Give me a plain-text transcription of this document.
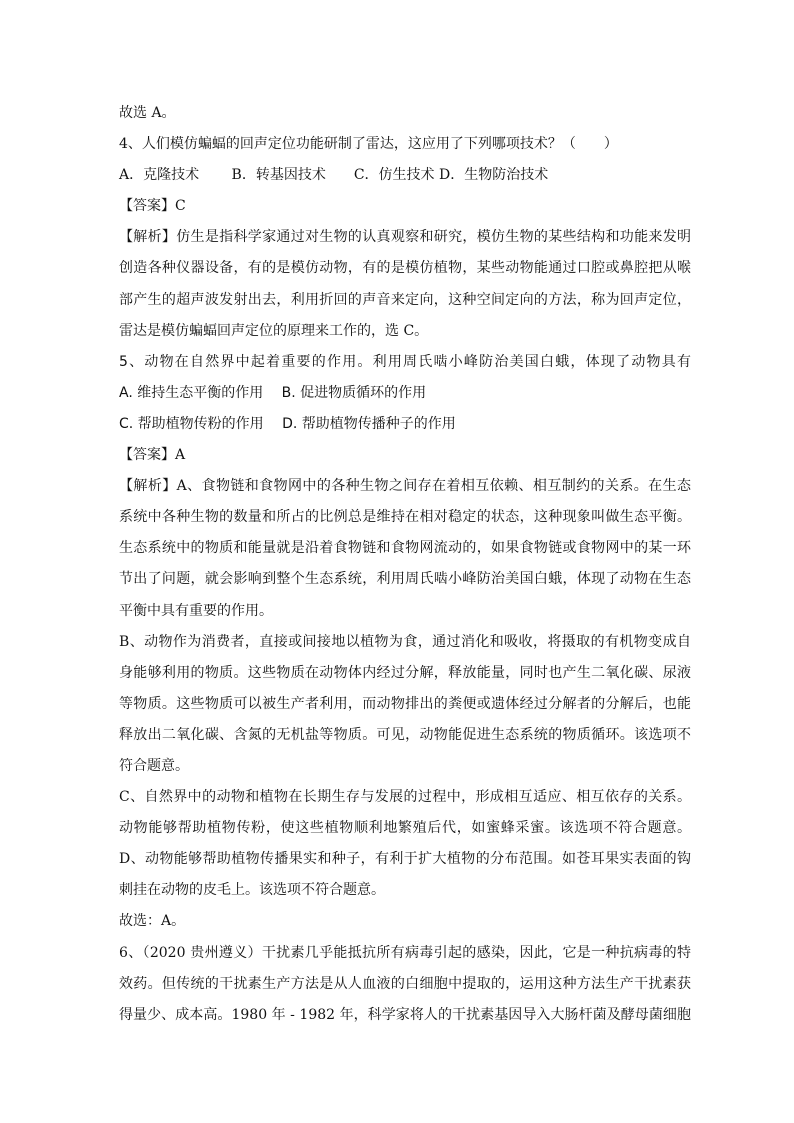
故选 A。
4、人们模仿蝙蝠的回声定位功能研制了雷达，这应用了下列哪项技术？（　　）
A．克隆技术　　 B．转基因技术　　C．仿生技术 D．生物防治技术
【答案】C
【解析】仿生是指科学家通过对生物的认真观察和研究，模仿生物的某些结构和功能来发明
创造各种仪器设备，有的是模仿动物，有的是模仿植物，某些动物能通过口腔或鼻腔把从喉
部产生的超声波发射出去，利用折回的声音来定向，这种空间定向的方法，称为回声定位，
雷达是模仿蝙蝠回声定位的原理来工作的，选 C。
5、动物在自然界中起着重要的作用。利用周氏啮小峰防治美国白蛾，体现了动物具有　　
A. 维持生态平衡的作用　 B. 促进物质循环的作用
C. 帮助植物传粉的作用　 D. 帮助植物传播种子的作用
【答案】A
【解析】A、食物链和食物网中的各种生物之间存在着相互依赖、相互制约的关系。在生态
系统中各种生物的数量和所占的比例总是维持在相对稳定的状态，这种现象叫做生态平衡。
生态系统中的物质和能量就是沿着食物链和食物网流动的，如果食物链或食物网中的某一环
节出了问题，就会影响到整个生态系统，利用周氏啮小峰防治美国白蛾，体现了动物在生态
平衡中具有重要的作用。
B、动物作为消费者，直接或间接地以植物为食，通过消化和吸收，将摄取的有机物变成自
身能够利用的物质。这些物质在动物体内经过分解，释放能量，同时也产生二氧化碳、尿液
等物质。这些物质可以被生产者利用，而动物排出的粪便或遗体经过分解者的分解后，也能
释放出二氧化碳、含氮的无机盐等物质。可见，动物能促进生态系统的物质循环。该选项不
符合题意。
C、自然界中的动物和植物在长期生存与发展的过程中，形成相互适应、相互依存的关系。
动物能够帮助植物传粉，使这些植物顺利地繁殖后代，如蜜蜂采蜜。该选项不符合题意。
D、动物能够帮助植物传播果实和种子，有利于扩大植物的分布范围。如苍耳果实表面的钩
刺挂在动物的皮毛上。该选项不符合题意。
故选：A。
6、（2020 贵州遵义）干扰素几乎能抵抗所有病毒引起的感染，因此，它是一种抗病毒的特
效药。但传统的干扰素生产方法是从人血液的白细胞中提取的，运用这种方法生产干扰素获
得量少、成本高。1980 年 - 1982 年，科学家将人的干扰素基因导入大肠杆菌及酵母菌细胞
